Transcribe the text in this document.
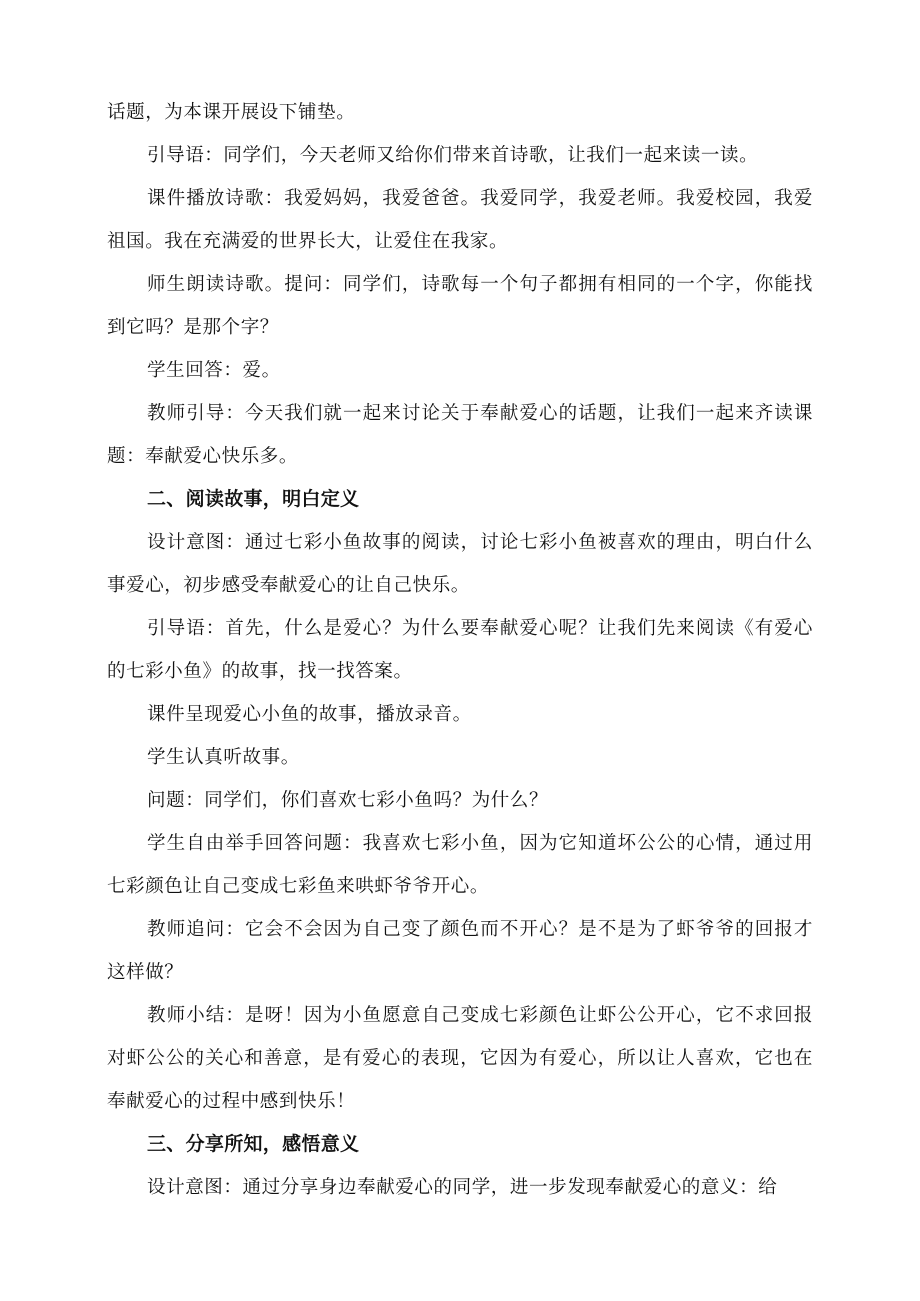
话题，为本课开展设下铺垫。

引导语：同学们，今天老师又给你们带来首诗歌，让我们一起来读一读。

课件播放诗歌：我爱妈妈，我爱爸爸。我爱同学，我爱老师。我爱校园，我爱祖国。我在充满爱的世界长大，让爱住在我家。

师生朗读诗歌。提问：同学们，诗歌每一个句子都拥有相同的一个字，你能找到它吗？是那个字？

学生回答：爱。

教师引导：今天我们就一起来讨论关于奉献爱心的话题，让我们一起来齐读课题：奉献爱心快乐多。

二、阅读故事，明白定义

设计意图：通过七彩小鱼故事的阅读，讨论七彩小鱼被喜欢的理由，明白什么事爱心，初步感受奉献爱心的让自己快乐。

引导语：首先，什么是爱心？为什么要奉献爱心呢？让我们先来阅读《有爱心的七彩小鱼》的故事，找一找答案。

课件呈现爱心小鱼的故事，播放录音。

学生认真听故事。

问题：同学们，你们喜欢七彩小鱼吗？为什么？

学生自由举手回答问题：我喜欢七彩小鱼，因为它知道坏公公的心情，通过用七彩颜色让自己变成七彩鱼来哄虾爷爷开心。

教师追问：它会不会因为自己变了颜色而不开心？是不是为了虾爷爷的回报才这样做？

教师小结：是呀！因为小鱼愿意自己变成七彩颜色让虾公公开心，它不求回报对虾公公的关心和善意，是有爱心的表现，它因为有爱心，所以让人喜欢，它也在奉献爱心的过程中感到快乐！

三、分享所知，感悟意义

设计意图：通过分享身边奉献爱心的同学，进一步发现奉献爱心的意义：给
